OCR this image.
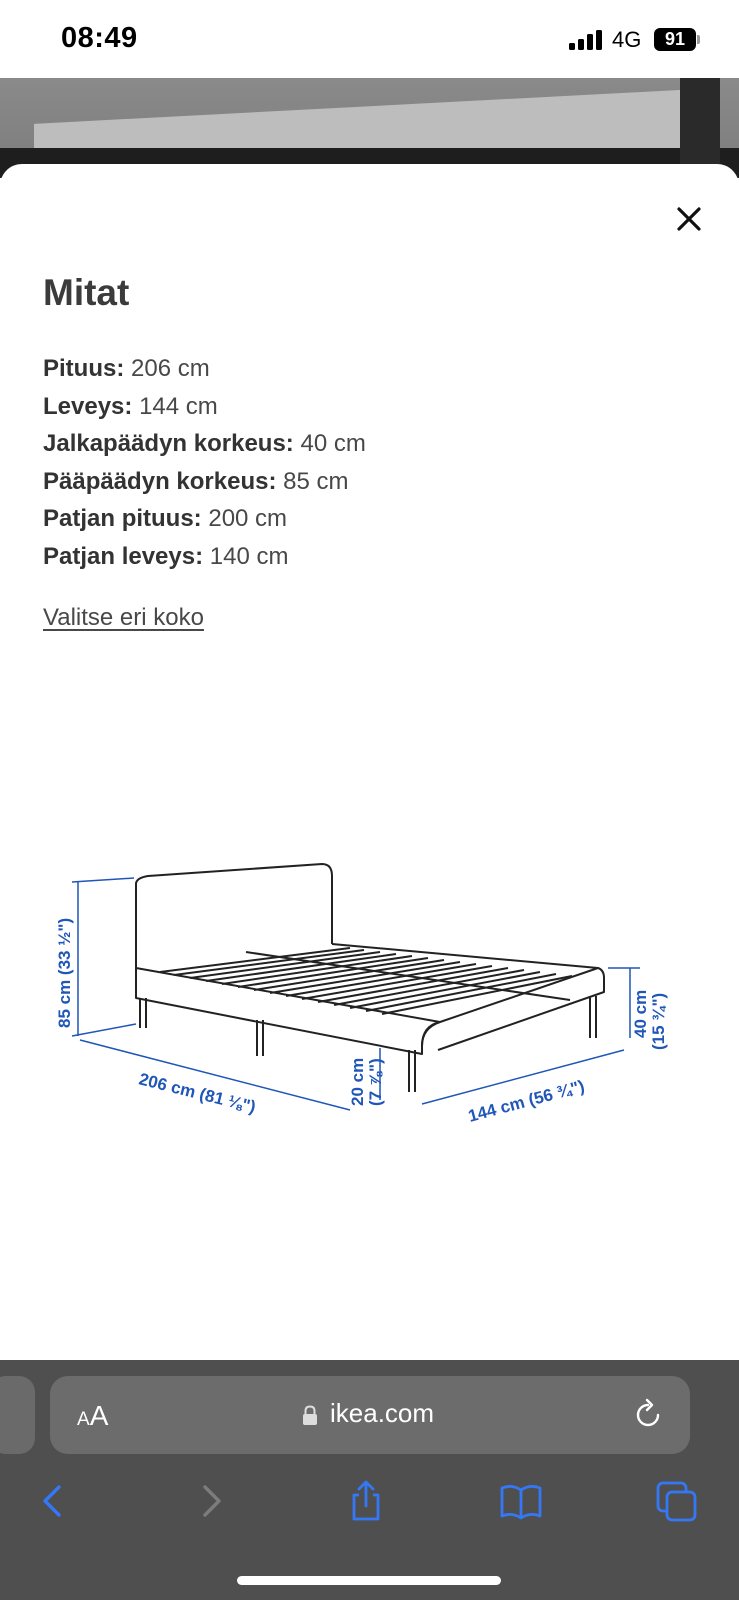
08:49	4G	91
Mitat
Pituus: 206 cm
Leveys: 144 cm
Jalkapäädyn korkeus: 40 cm
Pääpäädyn korkeus: 85 cm
Patjan pituus: 200 cm
Patjan leveys: 140 cm
Valitse eri koko
85 cm (33 ½")
206 cm (81 ⅛")	20 cm (7 ⅞")	144 cm (56 ¾")
40 cm (15 ¾")
AA	ikea.com
